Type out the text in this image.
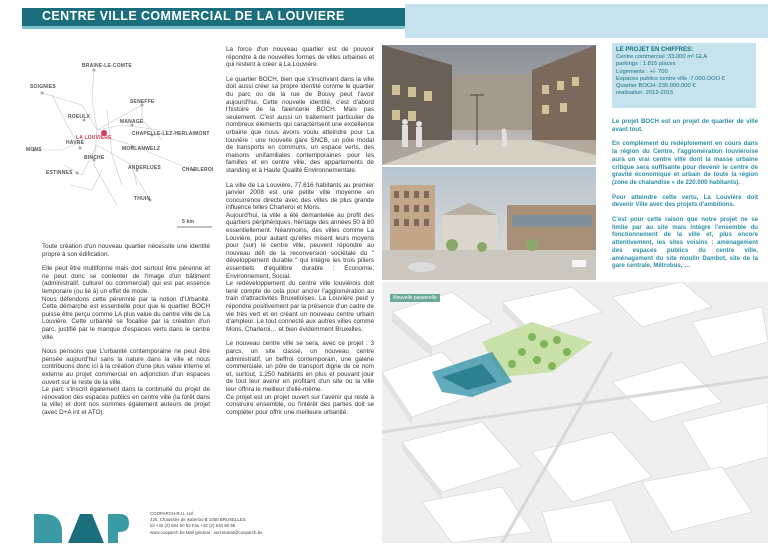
CENTRE VILLE COMMERCIAL DE LA LOUVIERE
BRAINE-LE-COMTE
SOIGNIES
SENEFFE
ROEULX
MANAGE
LA LOUVIERE
CHAPELLE-LEZ-HERLAIMONT
MONS
HAVRE
MORLANWELZ
BINCHE
ESTINNES
ANDERLUES	CHARLEROI
THUIN
5 km

Toute création d'un nouveau quartier nécessite une identité propre à son édification.

Elle peut être multiforme mais doit surtout être pérenne et ne peut donc se contenter de l'image d'un bâtiment (administratif, culturel ou commercial) qui est par essence temporaire (ou lié à) un effet de mode.
Nous défendons cette pérennité par la notion d'Urbanité. Cette démarche est essentielle pour que le quartier BOCH puisse être perçu comme LA plus value du centre ville de La Louvière. Cette urbanité se focalise par la création d'un parc, justifié par le manque d'espaces verts dans le centre ville.

Nous pensons que L'urbanité contemporaine ne peut être pensée aujourd'hui sans la nature dans la ville et nous contribuons donc ici à la création d'une plus value interne et externe au projet commercial en adjonction d'un espaces ouvert sur le reste de la ville.
Le parc s'inscrit également dans la continuité du projet de rénovation des espaces publics en centre ville (la forêt dans la ville) et dont nos sommes également auteurs de projet (avec D+A int et ATO).

La force d'un nouveau quartier est de pouvoir répondre à de nouvelles formes de villes urbaines et qui restent à créer à La Louvière.

Le quartier BOCH, bien que s'inscrivant dans la ville doit aussi créer sa propre identité comme le quartier du parc ou de la rue de Bouvy peut l'avoir aujourd'hui. Cette nouvelle identité, c'est d'abord l'histoire de la faiencerie BOCH. Mais pas seulement. C'est aussi un traitement particulier de nombreux éléments qui caractérisent une excellence urbaine que nous avons voulu atteindre pour La louvière : une nouvelle gare SNCB, un pôle modal de transports en communs, un espace verts, des maisons unifamiliales contemporaines pour les familles et en centre ville, des appartements de standing et à Haute Qualité Environnementale.

La ville de La Louvière, 77.616 habitants au premier janvier 2008 est une petite ville moyenne en concurrence directe avec des villes de plus grande influence telles Charleroi et Mons.
Aujourd'hui, la ville a été démantelée au profit des quartiers périphériques, héritage des années 50 à 80 essentiellement. Néanmoins, des villes comme La Louvière, pour autant qu'elles misent leurs moyens pour (sur) le centre ville, peuvent répondre au nouveau défi de la reconversion sociétale du " développement durable " qui intègre les trois piliers essentiels d'équilibre durable : Economie, Environnement, Social.
Le redéveloppement du centre ville louviérois doit tenir compte de cela pour ancrer l'agglomération au train d'attractivités Bruxelloises. La Louvière peut y répondre positivement par la présence d'un cadre de vie très vert et en créant un nouveau centre urbain d'ampleur. Le tout connecté aux autres villes comme Mons, Charleroi… et bien évidemment Bruxelles.

Le nouveau centre ville se sera, avec ce projet : 3 parcs, un site classé, un nouveau centre administratif, un beffroi contemporain, une galerie commerciale, un pôle de transport digne de ce nom et, surtout, 1.250 habitants en plus et pouvant jouir de tout leur avenir en profitant d'un site ou la ville leur offrira le meilleur d'elle-même.
Ce projet est un projet ouvert sur l'avenir qui reste à construire ensemble, où l'intérêt des parties doit se compléter pour offrir une meilleure urbanité.

Nouvelle passerelle
LE PROJET EN CHIFFRES:
Centre commercial :33.000 m² GLA
parkings : 1.815 places
Logements : +/- 700
Espaces publics centre ville :7.000.OOO €
Quartier BOCH :235.000.000 €
réalisation :2012-2015

Le projet BOCH est un projet de quartier de ville avant tout.

En complément du redéploiement en cours dans la région du Centre, l'agglomération louviéroise aura un vrai centre ville dont la masse urbaine critique sera suffisante pour devenir le centre de gravité économique et urbain de toute la région (zone de chalandise « de 220.000 habitants).

Pour atteindre cette vertu, La Louvière doit devenir Ville avec des projets d'ambitions.

C'est pour cette raison que notre projet ne se limite par au site mais intègre l'ensemble du fonctionnement de la ville et, plus encore attentivement, les sites voisins : aménagement des espaces publics du centre ville, aménagement du site moulin Dambot, site de la gare centrale, Métrobus, …

COOPARCH-R.U. scrl
426, Chaussée de waterloo B 1050 BRUXELLES
tel +32 (2) 534 50 53 Fax +32 (2) 534 50 95
www.cooparch.be Mail général : secretariat@cooparch.be
